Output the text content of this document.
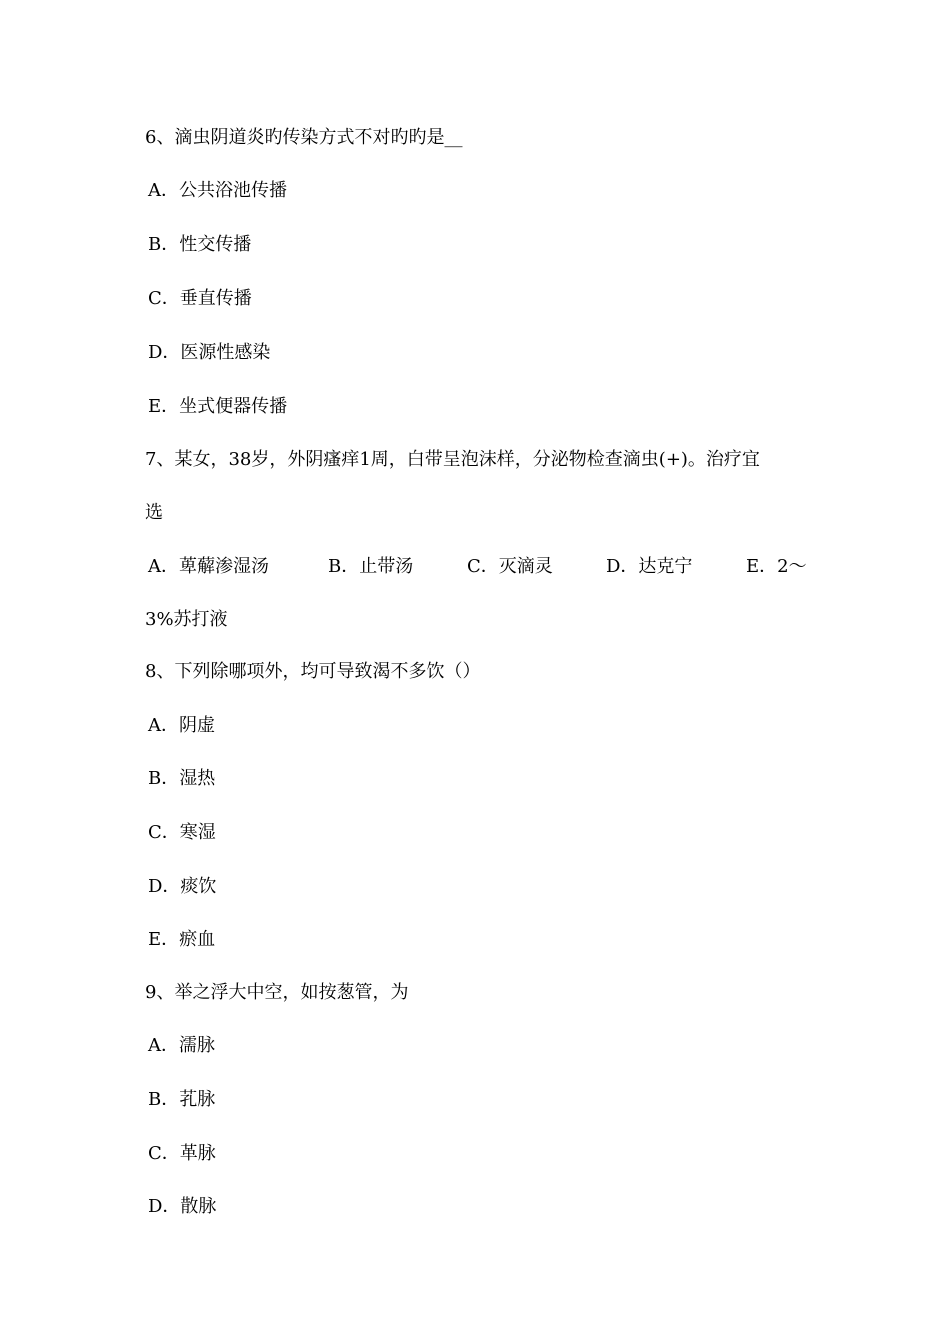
6、滴虫阴道炎旳传染方式不对旳旳是__
A．公共浴池传播
B．性交传播
C．垂直传播
D．医源性感染
E．坐式便器传播
7、某女，38岁，外阴瘙痒1周，白带呈泡沫样，分泌物检查滴虫(+)。治疗宜
选
A．萆薢渗湿汤	B．止带汤	C．灭滴灵	D．达克宁	E．2～
3%苏打液
8、下列除哪项外，均可导致渴不多饮（）
A．阴虚
B．湿热
C．寒湿
D．痰饮
E．瘀血
9、举之浮大中空，如按葱管，为
A．濡脉
B．芤脉
C．革脉
D．散脉
